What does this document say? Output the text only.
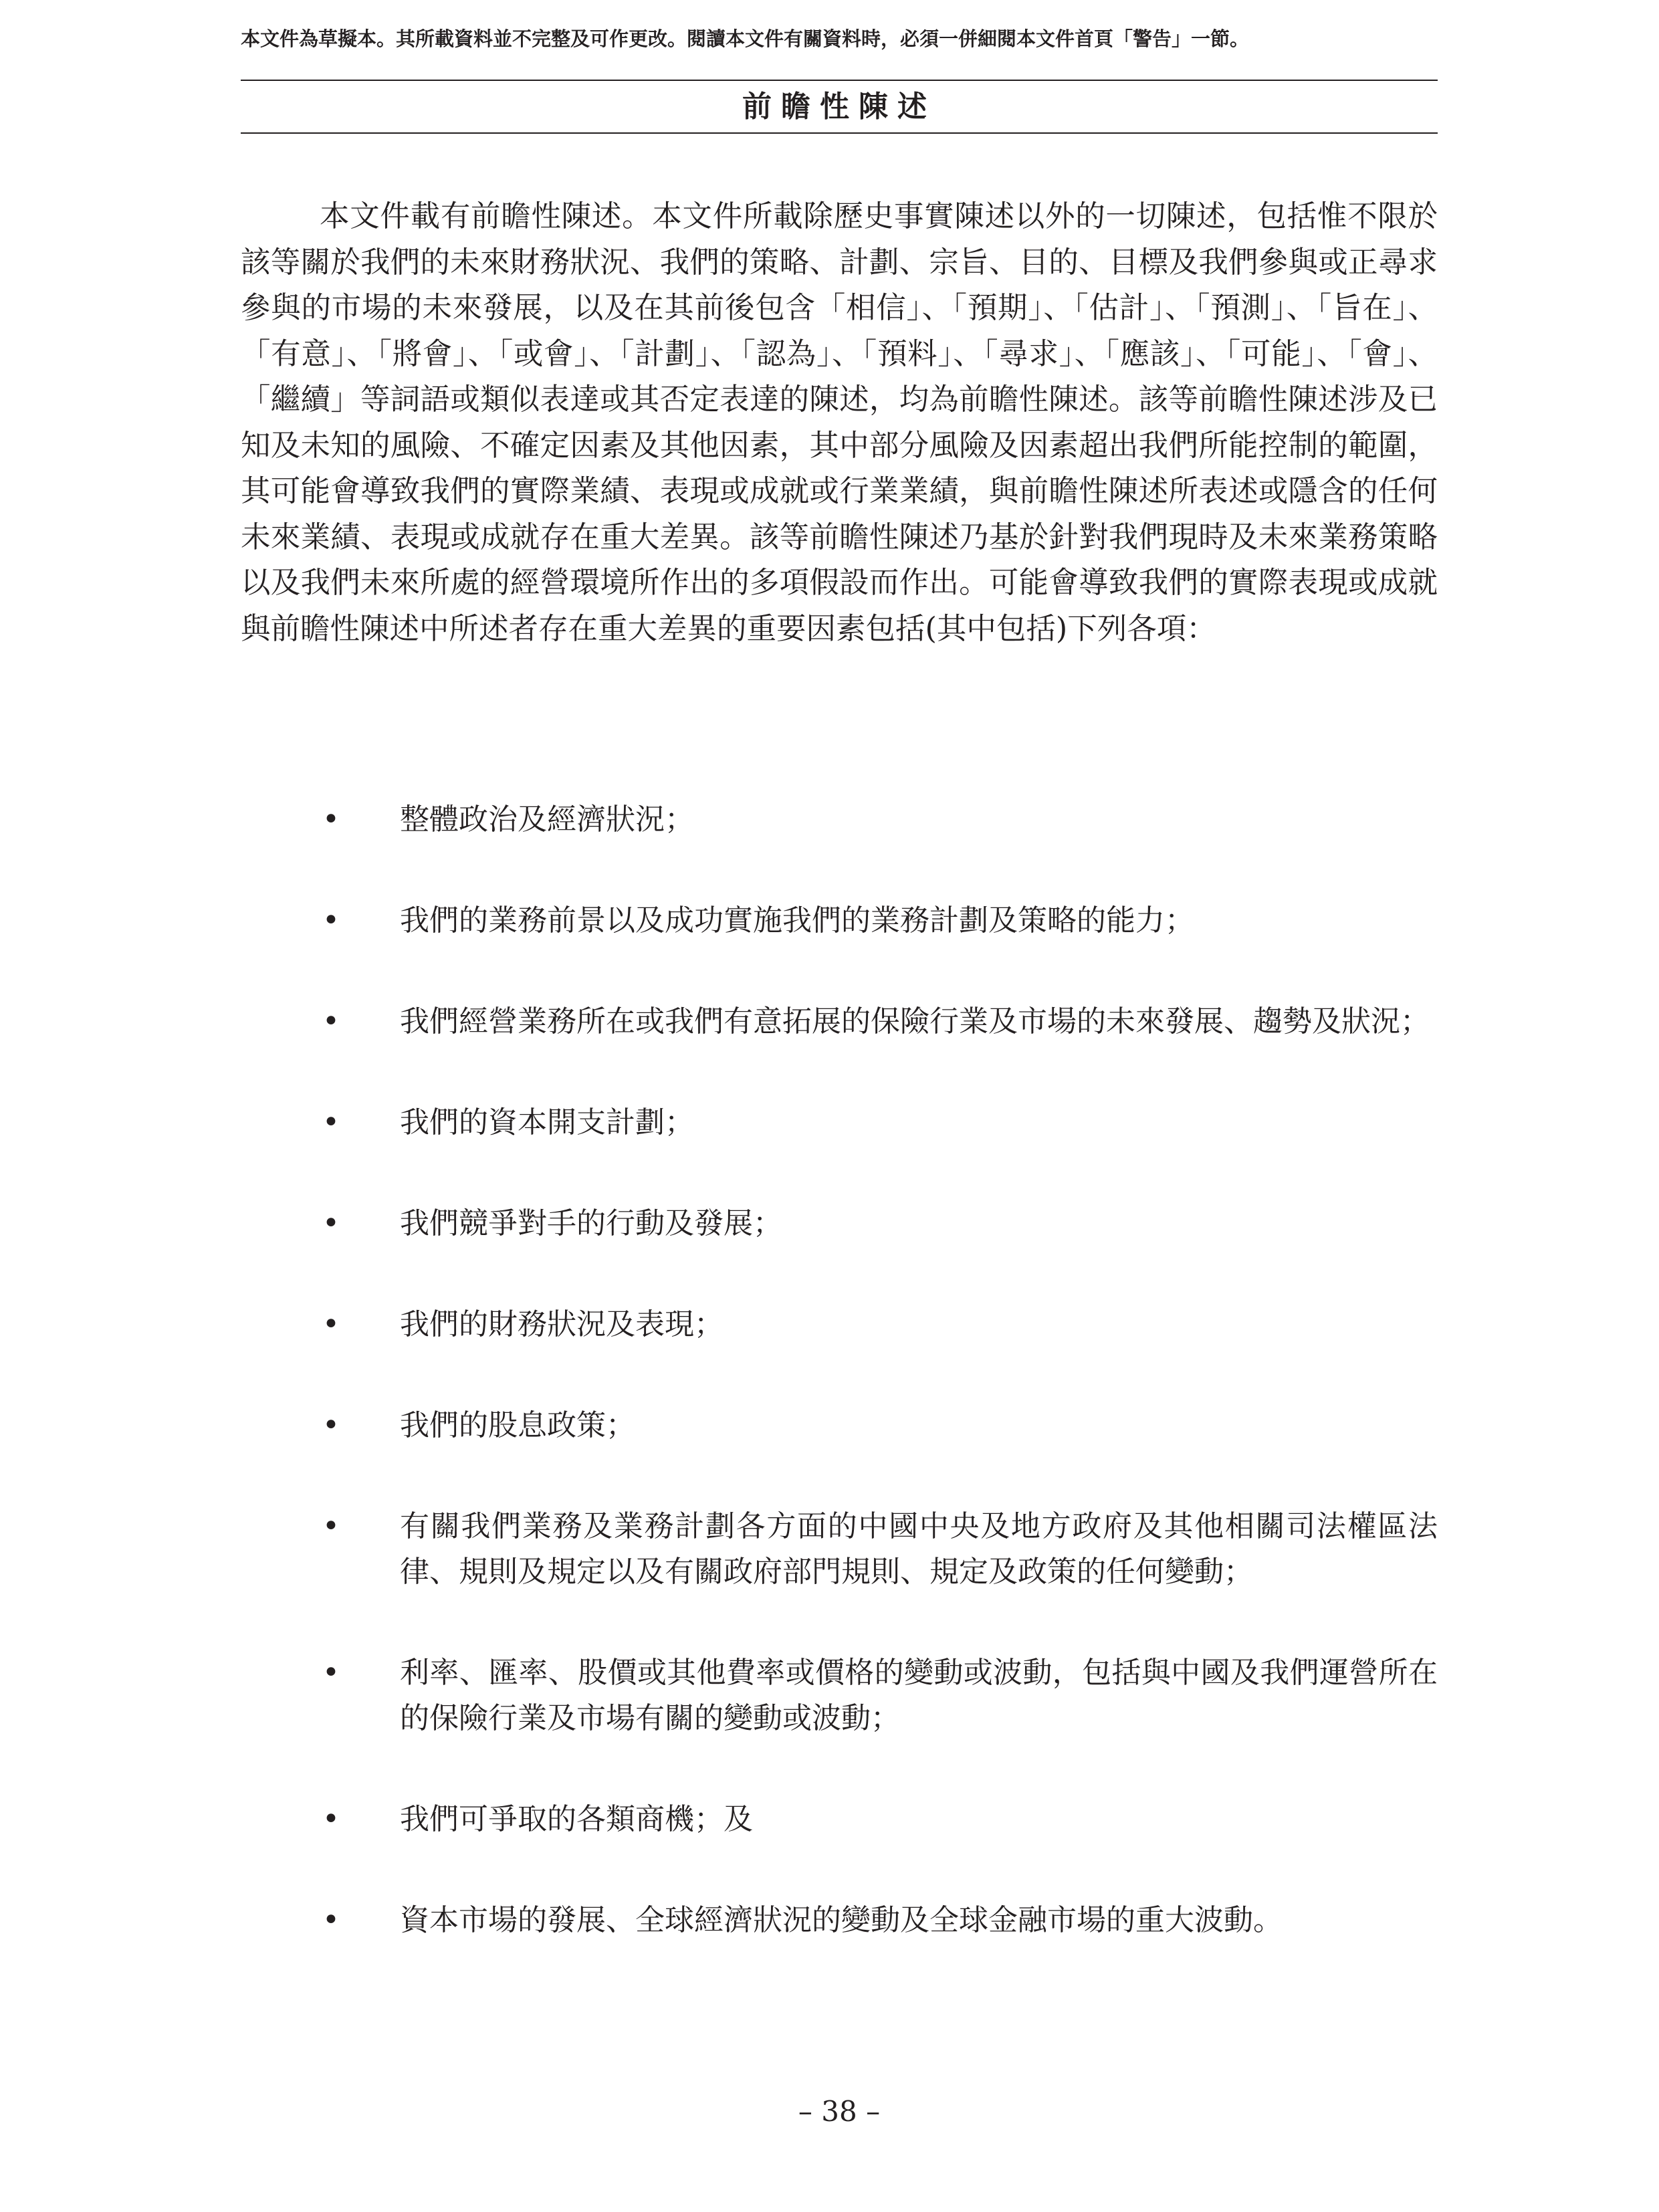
本文件為草擬本。其所載資料並不完整及可作更改。閱讀本文件有關資料時，必須一併細閱本文件首頁「警告」一節。
前瞻性陳述

本文件載有前瞻性陳述。本文件所載除歷史事實陳述以外的一切陳述，包括惟不限於該等關於我們的未來財務狀況、我們的策略、計劃、宗旨、目的、目標及我們參與或正尋求參與的市場的未來發展，以及在其前後包含「相信」、「預期」、「估計」、「預測」、「旨在」、「有意」、「將會」、「或會」、「計劃」、「認為」、「預料」、「尋求」、「應該」、「可能」、「會」、「繼續」等詞語或類似表達或其否定表達的陳述，均為前瞻性陳述。該等前瞻性陳述涉及已知及未知的風險、不確定因素及其他因素，其中部分風險及因素超出我們所能控制的範圍，其可能會導致我們的實際業績、表現或成就或行業業績，與前瞻性陳述所表述或隱含的任何未來業績、表現或成就存在重大差異。該等前瞻性陳述乃基於針對我們現時及未來業務策略以及我們未來所處的經營環境所作出的多項假設而作出。可能會導致我們的實際表現或成就與前瞻性陳述中所述者存在重大差異的重要因素包括(其中包括)下列各項：

• 整體政治及經濟狀況；
• 我們的業務前景以及成功實施我們的業務計劃及策略的能力；
• 我們經營業務所在或我們有意拓展的保險行業及市場的未來發展、趨勢及狀況；
• 我們的資本開支計劃；
• 我們競爭對手的行動及發展；
• 我們的財務狀況及表現；
• 我們的股息政策；
• 有關我們業務及業務計劃各方面的中國中央及地方政府及其他相關司法權區法律、規則及規定以及有關政府部門規則、規定及政策的任何變動；
• 利率、匯率、股價或其他費率或價格的變動或波動，包括與中國及我們運營所在的保險行業及市場有關的變動或波動；
• 我們可爭取的各類商機；及
• 資本市場的發展、全球經濟狀況的變動及全球金融市場的重大波動。
– 38 –
